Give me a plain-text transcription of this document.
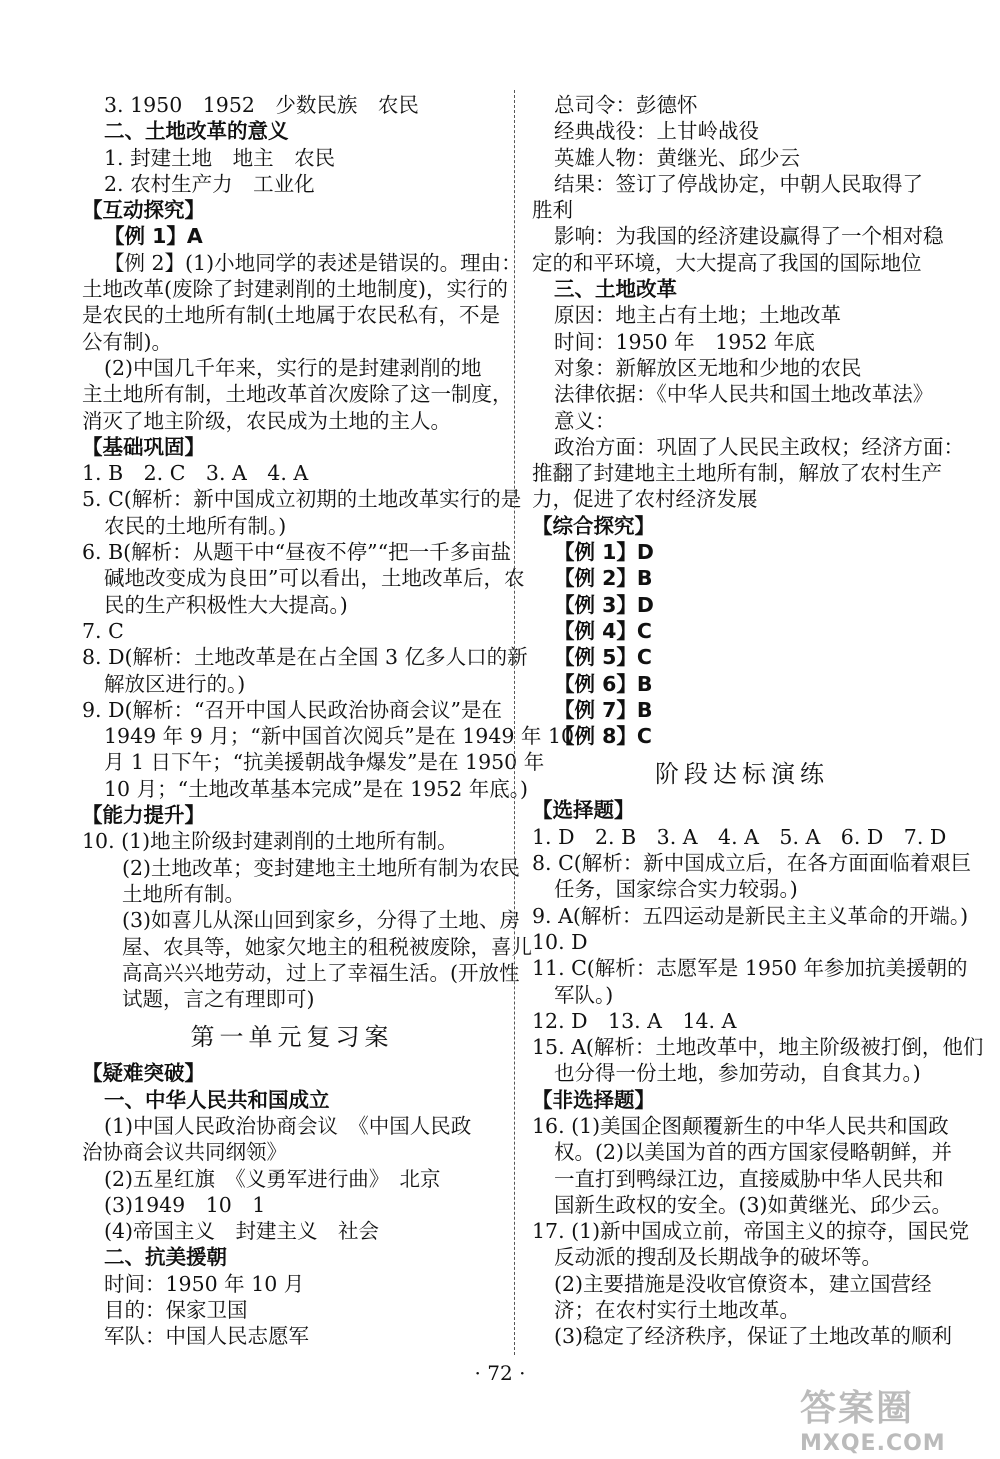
3. 1950　1952　少数民族　农民
二、土地改革的意义
1. 封建土地　地主　农民
2. 农村生产力　工业化
【互动探究】
【例 1】A
【例 2】(1)小地同学的表述是错误的。理由：
土地改革(废除了封建剥削的土地制度)，实行的
是农民的土地所有制(土地属于农民私有，不是
公有制)。
(2)中国几千年来，实行的是封建剥削的地
主土地所有制，土地改革首次废除了这一制度，
消灭了地主阶级，农民成为土地的主人。
【基础巩固】
1. B　2. C　3. A　4. A
5. C(解析：新中国成立初期的土地改革实行的是
农民的土地所有制。)
6. B(解析：从题干中“昼夜不停”“把一千多亩盐
碱地改变成为良田”可以看出，土地改革后，农
民的生产积极性大大提高。)
7. C
8. D(解析：土地改革是在占全国 3 亿多人口的新
解放区进行的。)
9. D(解析：“召开中国人民政治协商会议”是在
1949 年 9 月；“新中国首次阅兵”是在 1949 年 10
月 1 日下午；“抗美援朝战争爆发”是在 1950 年
10 月；“土地改革基本完成”是在 1952 年底。)
【能力提升】
10. (1)地主阶级封建剥削的土地所有制。
(2)土地改革；变封建地主土地所有制为农民
土地所有制。
(3)如喜儿从深山回到家乡，分得了土地、房
屋、农具等，她家欠地主的租税被废除，喜儿
高高兴兴地劳动，过上了幸福生活。(开放性
试题，言之有理即可)
第一单元复习案
【疑难突破】
一、中华人民共和国成立
(1)中国人民政治协商会议　《中国人民政
治协商会议共同纲领》
(2)五星红旗　《义勇军进行曲》　北京
(3)1949　10　1
(4)帝国主义　封建主义　社会
二、抗美援朝
时间：1950 年 10 月
目的：保家卫国
军队：中国人民志愿军
总司令：彭德怀
经典战役：上甘岭战役
英雄人物：黄继光、邱少云
结果：签订了停战协定，中朝人民取得了
胜利
影响：为我国的经济建设赢得了一个相对稳
定的和平环境，大大提高了我国的国际地位
三、土地改革
原因：地主占有土地；土地改革
时间：1950 年　1952 年底
对象：新解放区无地和少地的农民
法律依据：《中华人民共和国土地改革法》
意义：
政治方面：巩固了人民民主政权；经济方面：
推翻了封建地主土地所有制，解放了农村生产
力，促进了农村经济发展
【综合探究】
【例 1】D
【例 2】B
【例 3】D
【例 4】C
【例 5】C
【例 6】B
【例 7】B
【例 8】C
阶段达标演练
【选择题】
1. D　2. B　3. A　4. A　5. A　6. D　7. D
8. C(解析：新中国成立后，在各方面面临着艰巨
任务，国家综合实力较弱。)
9. A(解析：五四运动是新民主主义革命的开端。)
10. D
11. C(解析：志愿军是 1950 年参加抗美援朝的
军队。)
12. D　13. A　14. A
15. A(解析：土地改革中，地主阶级被打倒，他们
也分得一份土地，参加劳动，自食其力。)
【非选择题】
16. (1)美国企图颠覆新生的中华人民共和国政
权。(2)以美国为首的西方国家侵略朝鲜，并
一直打到鸭绿江边，直接威胁中华人民共和
国新生政权的安全。(3)如黄继光、邱少云。
17. (1)新中国成立前，帝国主义的掠夺，国民党
反动派的搜刮及长期战争的破坏等。
(2)主要措施是没收官僚资本，建立国营经
济；在农村实行土地改革。
(3)稳定了经济秩序，保证了土地改革的顺利
· 72 ·
答案圈
MXQE.COM
